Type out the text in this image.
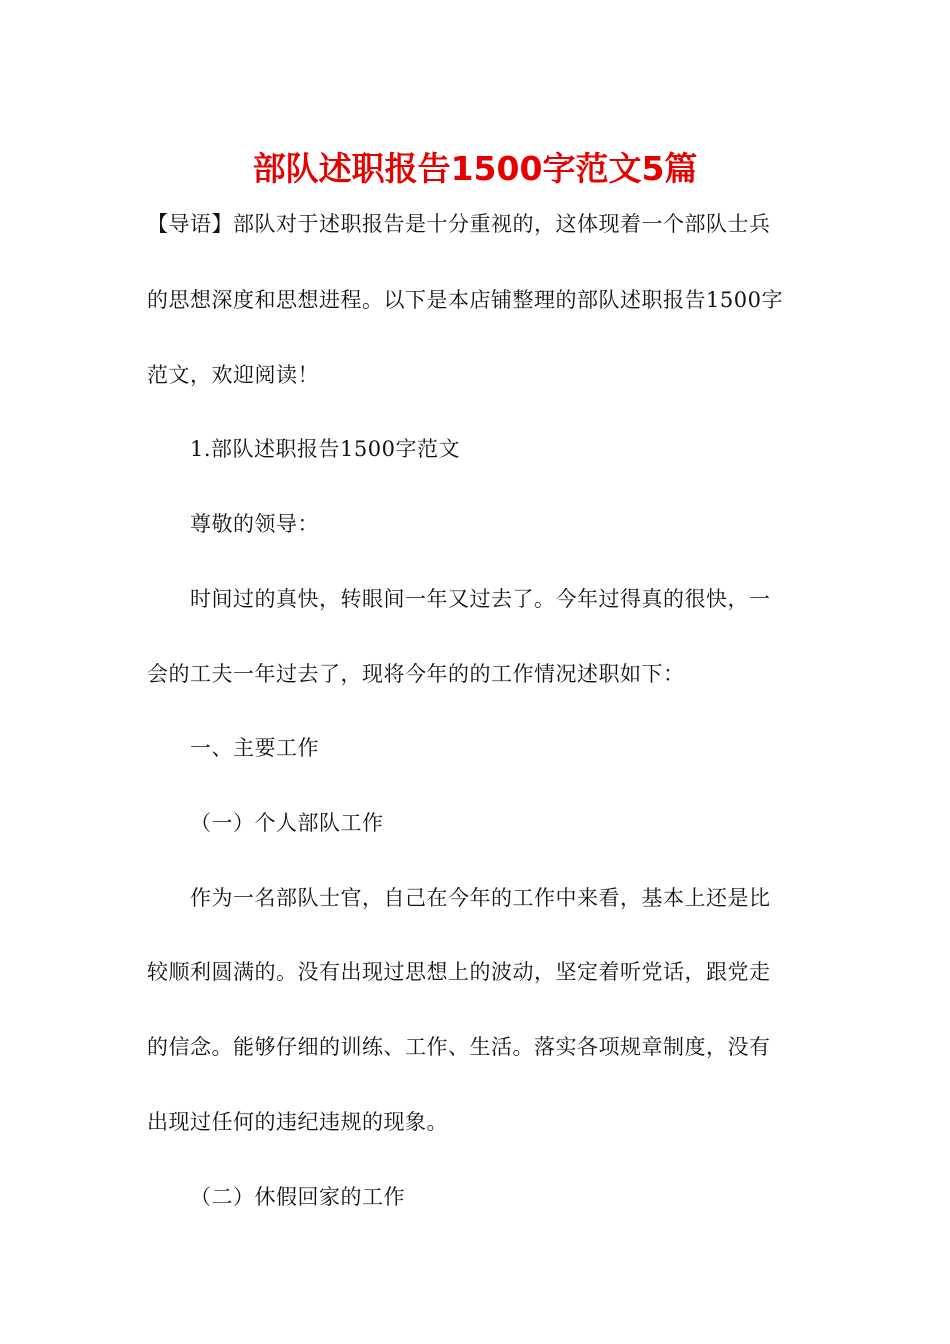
部队述职报告1500字范文5篇
【导语】部队对于述职报告是十分重视的，这体现着一个部队士兵
的思想深度和思想进程。以下是本店铺整理的部队述职报告1500字
范文，欢迎阅读！
1.部队述职报告1500字范文
尊敬的领导：
时间过的真快，转眼间一年又过去了。今年过得真的很快，一
会的工夫一年过去了，现将今年的的工作情况述职如下：
一、主要工作
（一）个人部队工作
作为一名部队士官，自己在今年的工作中来看，基本上还是比
较顺利圆满的。没有出现过思想上的波动，坚定着听党话，跟党走
的信念。能够仔细的训练、工作、生活。落实各项规章制度，没有
出现过任何的违纪违规的现象。
（二）休假回家的工作
